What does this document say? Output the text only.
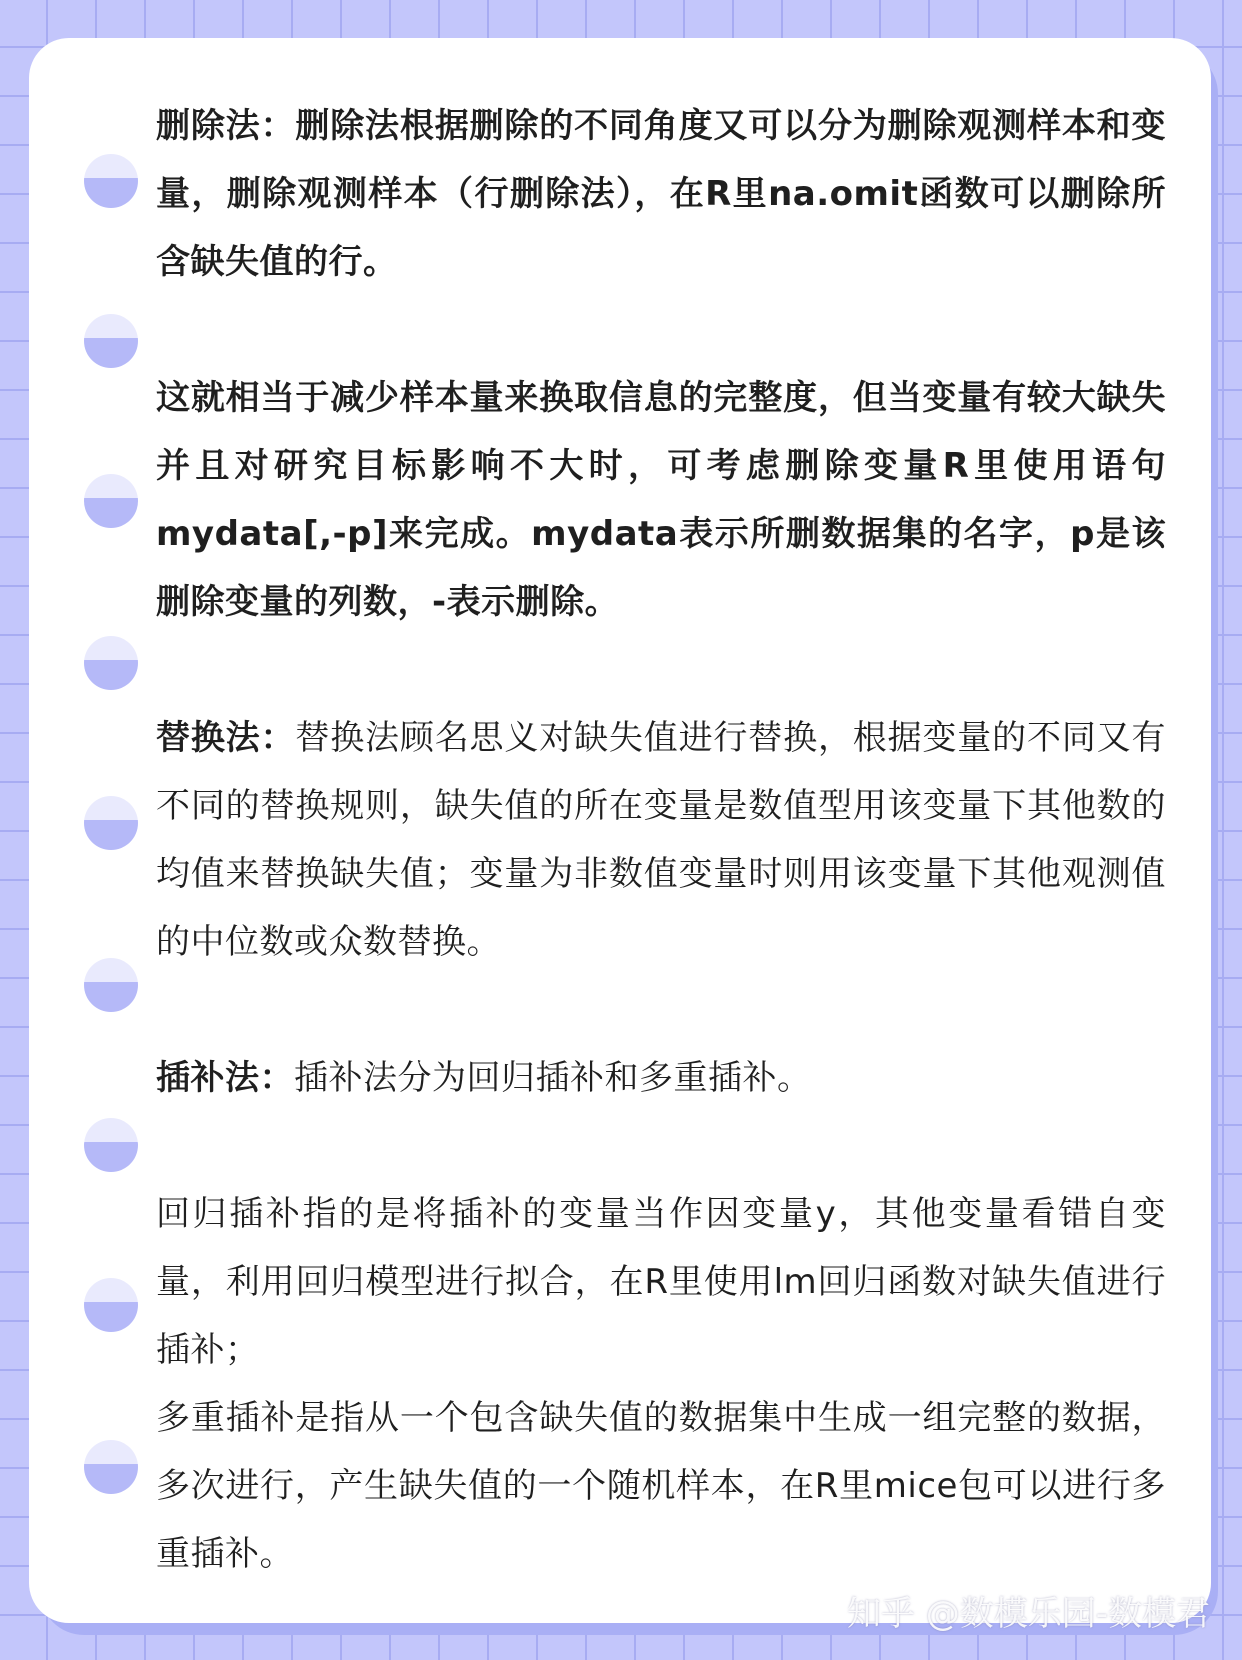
删除法：删除法根据删除的不同角度又可以分为删除观测样本和变量，删除观测样本（行删除法），在R里na.omit函数可以删除所含缺失值的行。

这就相当于减少样本量来换取信息的完整度，但当变量有较大缺失并且对研究目标影响不大时，可考虑删除变量R里使用语句mydata[,-p]来完成。mydata表示所删数据集的名字，p是该删除变量的列数，-表示删除。

替换法：替换法顾名思义对缺失值进行替换，根据变量的不同又有不同的替换规则，缺失值的所在变量是数值型用该变量下其他数的均值来替换缺失值；变量为非数值变量时则用该变量下其他观测值的中位数或众数替换。

插补法：插补法分为回归插补和多重插补。

回归插补指的是将插补的变量当作因变量y，其他变量看错自变量，利用回归模型进行拟合，在R里使用lm回归函数对缺失值进行插补；

多重插补是指从一个包含缺失值的数据集中生成一组完整的数据，多次进行，产生缺失值的一个随机样本，在R里mice包可以进行多重插补。

知乎 @数模乐园-数模君
